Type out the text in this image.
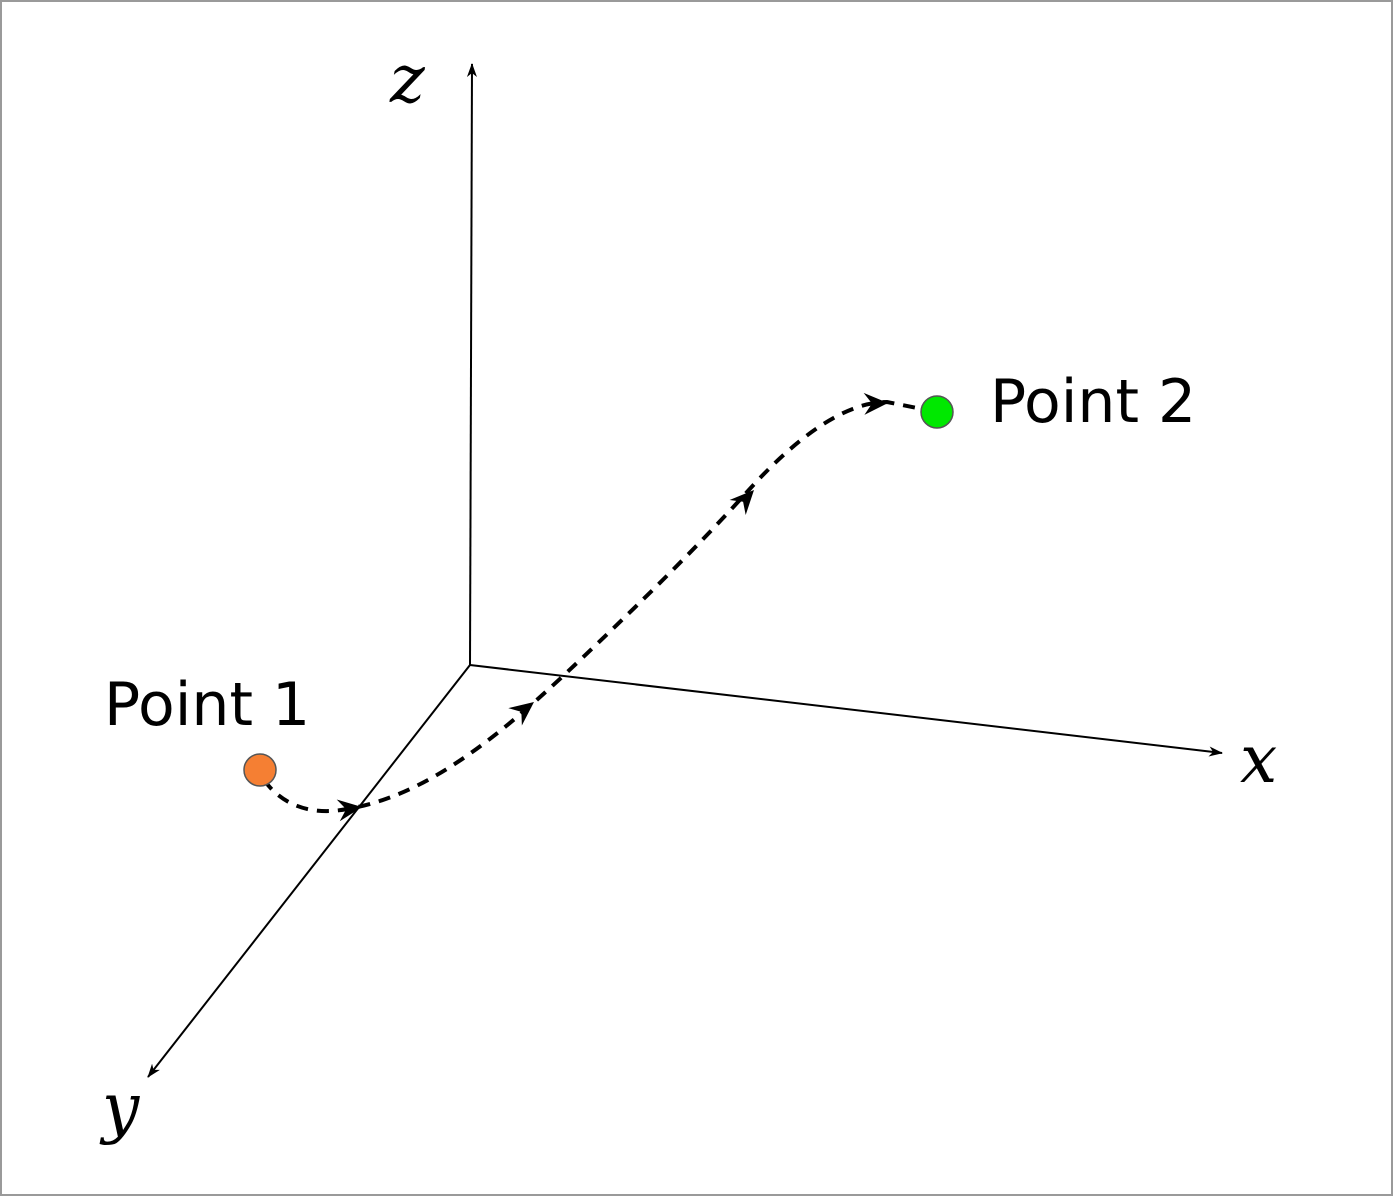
z
x
y
Point 1
Point 2
